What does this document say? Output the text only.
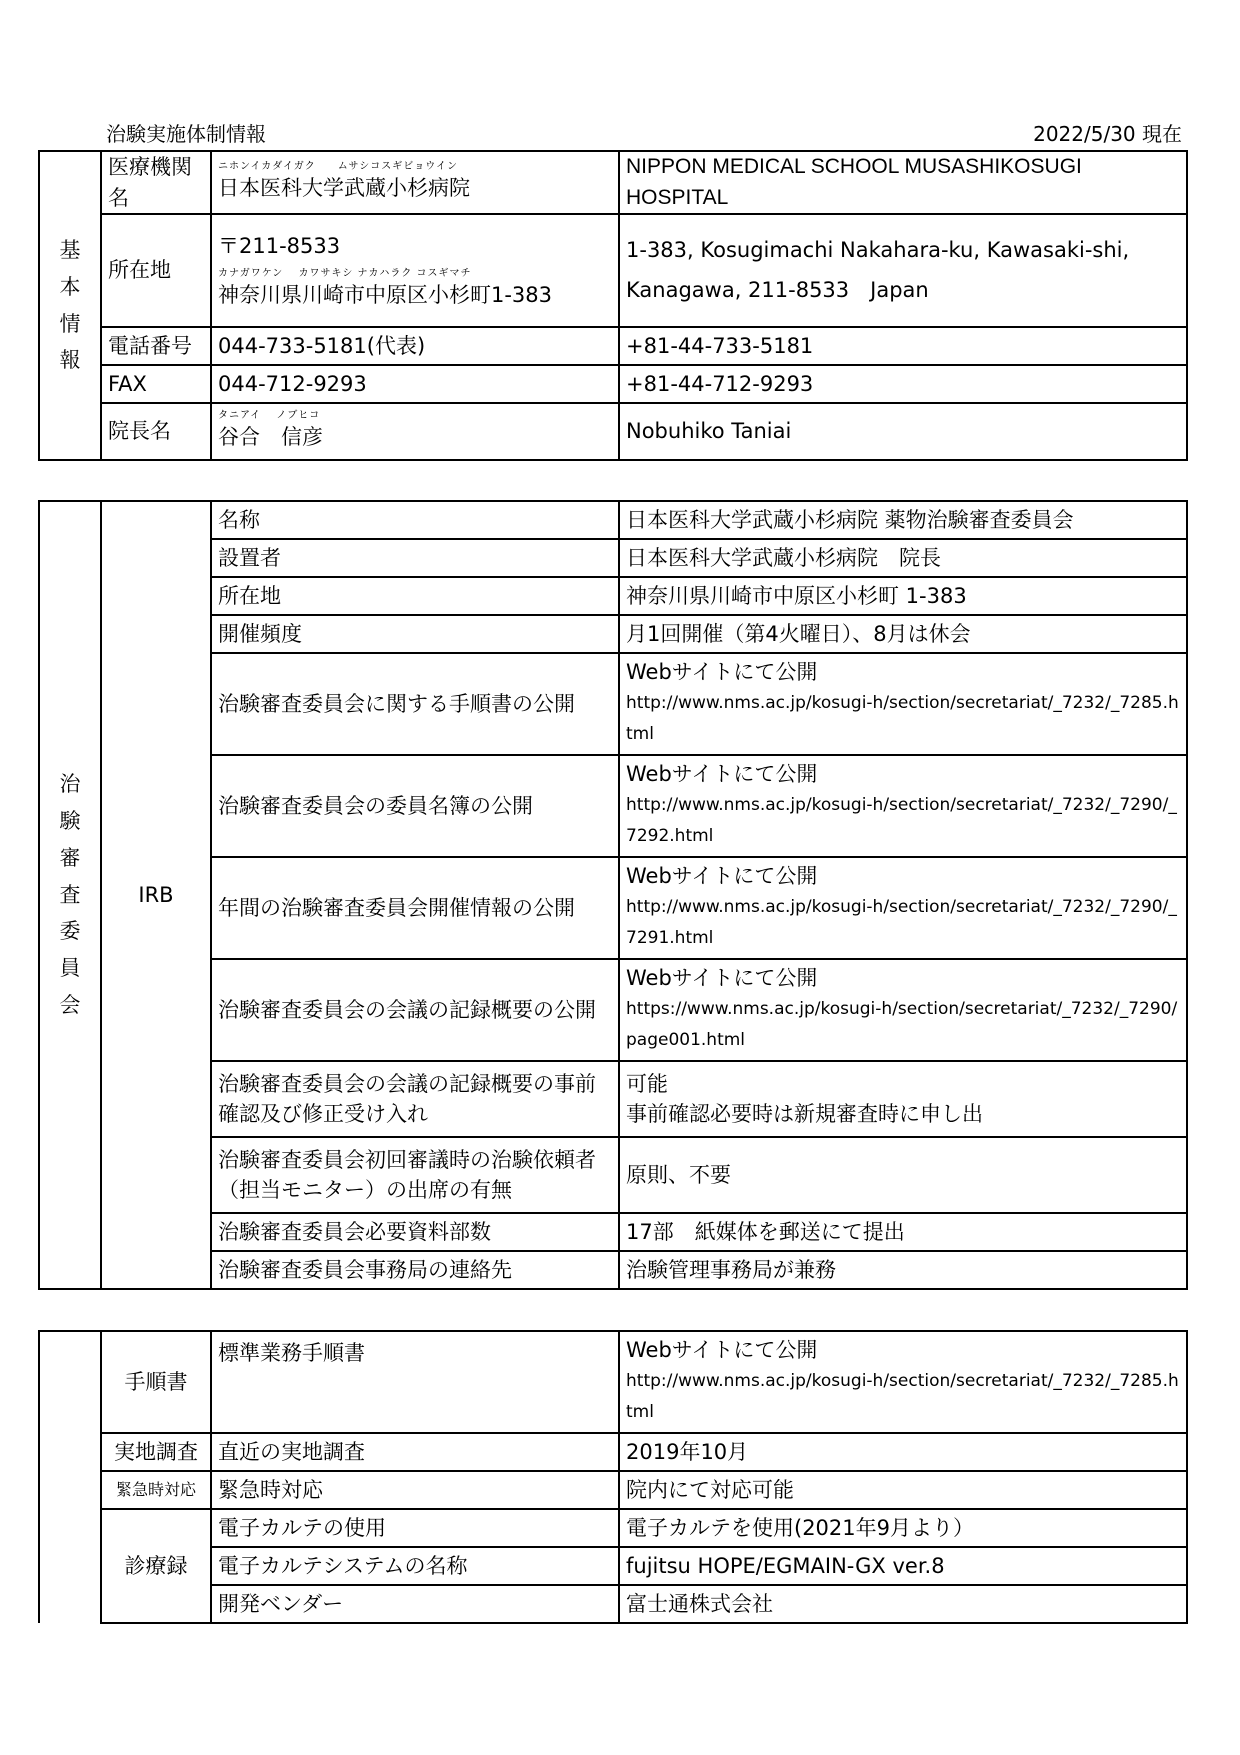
治験実施体制情報	2022/5/30 現在
基本情報	医療機関名	ニホンイカダイガク　　ムサシコスギビョウイン
日本医科大学武蔵小杉病院	NIPPON MEDICAL SCHOOL MUSASHIKOSUGI HOSPITAL
	所在地	〒211-8533
カナガワケン　 カワサキシ ナカハラク コスギマチ
神奈川県川崎市中原区小杉町1-383	1-383, Kosugimachi Nakahara-ku, Kawasaki-shi,
Kanagawa, 211-8533　Japan

	電話番号	044-733-5181(代表)	+81-44-733-5181
	FAX	044-712-9293	+81-44-712-9293
	院長名	タニアイ　 ノブヒコ
谷合　信彦	Nobuhiko Taniai
治験審査委員会	IRB	名称	日本医科大学武蔵小杉病院 薬物治験審査委員会
		設置者	日本医科大学武蔵小杉病院　院長
		所在地	神奈川県川崎市中原区小杉町 1-383
		開催頻度	月1回開催（第4火曜日）、8月は休会
		治験審査委員会に関する手順書の公開	Webサイトにて公開
http://www.nms.ac.jp/kosugi-h/section/secretariat/_7232/_7285.html

		治験審査委員会の委員名簿の公開	Webサイトにて公開
http://www.nms.ac.jp/kosugi-h/section/secretariat/_7232/_7290/_7292.html

		年間の治験審査委員会開催情報の公開	Webサイトにて公開
http://www.nms.ac.jp/kosugi-h/section/secretariat/_7232/_7290/_7291.html

		治験審査委員会の会議の記録概要の公開	Webサイトにて公開
https://www.nms.ac.jp/kosugi-h/section/secretariat/_7232/_7290/page001.html

		治験審査委員会の会議の記録概要の事前確認及び修正受け入れ	可能
事前確認必要時は新規審査時に申し出

		治験審査委員会初回審議時の治験依頼者（担当モニター）の出席の有無	原則、不要
		治験審査委員会必要資料部数	17部　紙媒体を郵送にて提出
		治験審査委員会事務局の連絡先	治験管理事務局が兼務
	手順書	標準業務手順書	Webサイトにて公開
http://www.nms.ac.jp/kosugi-h/section/secretariat/_7232/_7285.html

	実地調査	直近の実地調査	2019年10月
	緊急時対応	緊急時対応	院内にて対応可能
	診療録	電子カルテの使用	電子カルテを使用(2021年9月より）
		電子カルテシステムの名称	fujitsu HOPE/EGMAIN-GX ver.8
		開発ベンダー	富士通株式会社
